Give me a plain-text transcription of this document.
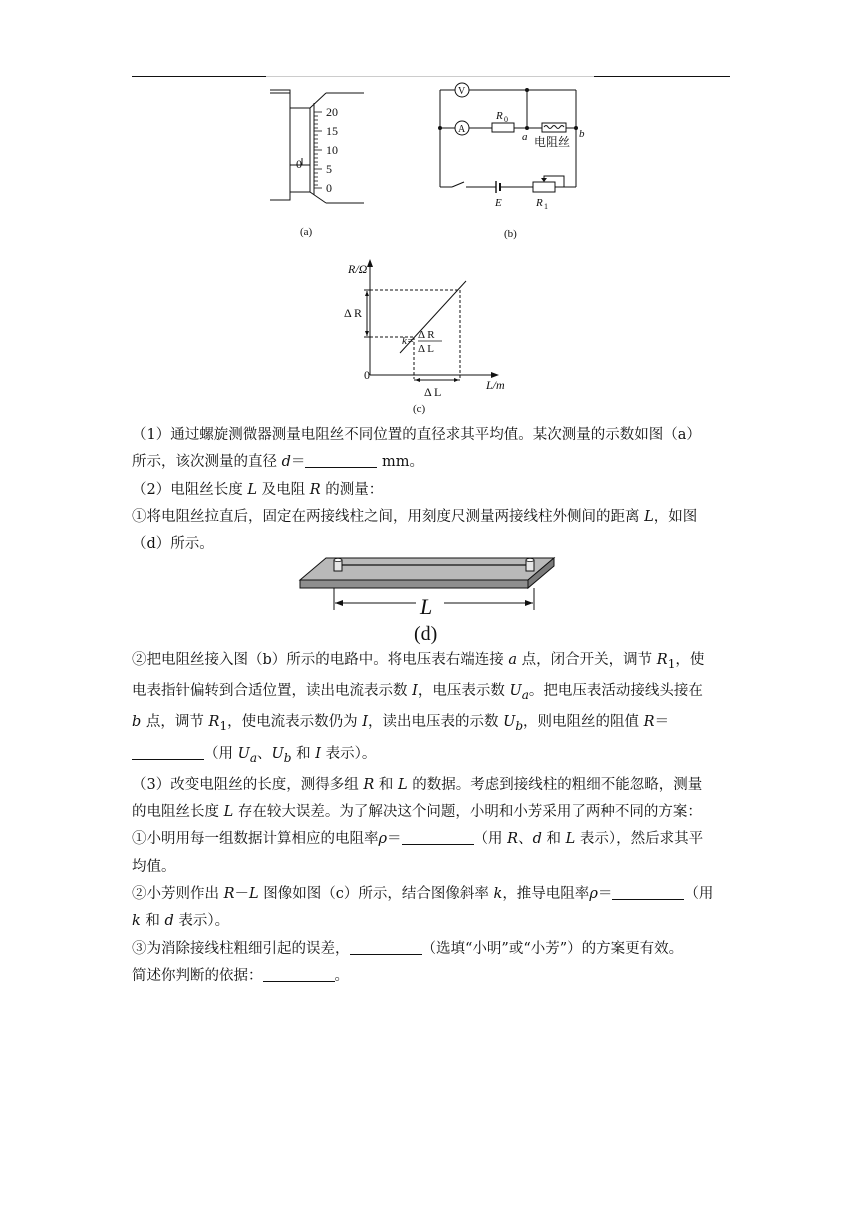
20
15
10
5
0
0
(a)
V
A
R 0
a	b
电阻丝
E	R 1
(b)
R/Ω
L/m
0
Δ R
Δ L
k= Δ R
Δ L
(c)

（1）通过螺旋测微器测量电阻丝不同位置的直径求其平均值。某次测量的示数如图（a）

所示，该次测量的直径 d＝	mm。

（2）电阻丝长度 L 及电阻 R 的测量：

①将电阻丝拉直后，固定在两接线柱之间，用刻度尺测量两接线柱外侧间的距离 L，如图

（d）所示。

L
(d)

②把电阻丝接入图（b）所示的电路中。将电压表右端连接 a 点，闭合开关，调节 $R_1$，使

电表指针偏转到合适位置，读出电流表示数 I，电压表示数 $U_a$。把电压表活动接线头接在

b 点，调节 $R_1$，使电流表示数仍为 I，读出电压表的示数 $U_b$，则电阻丝的阻值 R＝

（用 $U_a$、$U_b$ 和 I 表示）。

（3）改变电阻丝的长度，测得多组 R 和 L 的数据。考虑到接线柱的粗细不能忽略，测量

的电阻丝长度 L 存在较大误差。为了解决这个问题，小明和小芳采用了两种不同的方案：

①小明用每一组数据计算相应的电阻率ρ＝	（用 R、d 和 L 表示），然后求其平

均值。

②小芳则作出 R－L 图像如图（c）所示，结合图像斜率 k，推导电阻率ρ＝	（用

k 和 d 表示）。

③为消除接线柱粗细引起的误差，	（选填“小明”或“小芳”）的方案更有效。

简述你判断的依据：	。
